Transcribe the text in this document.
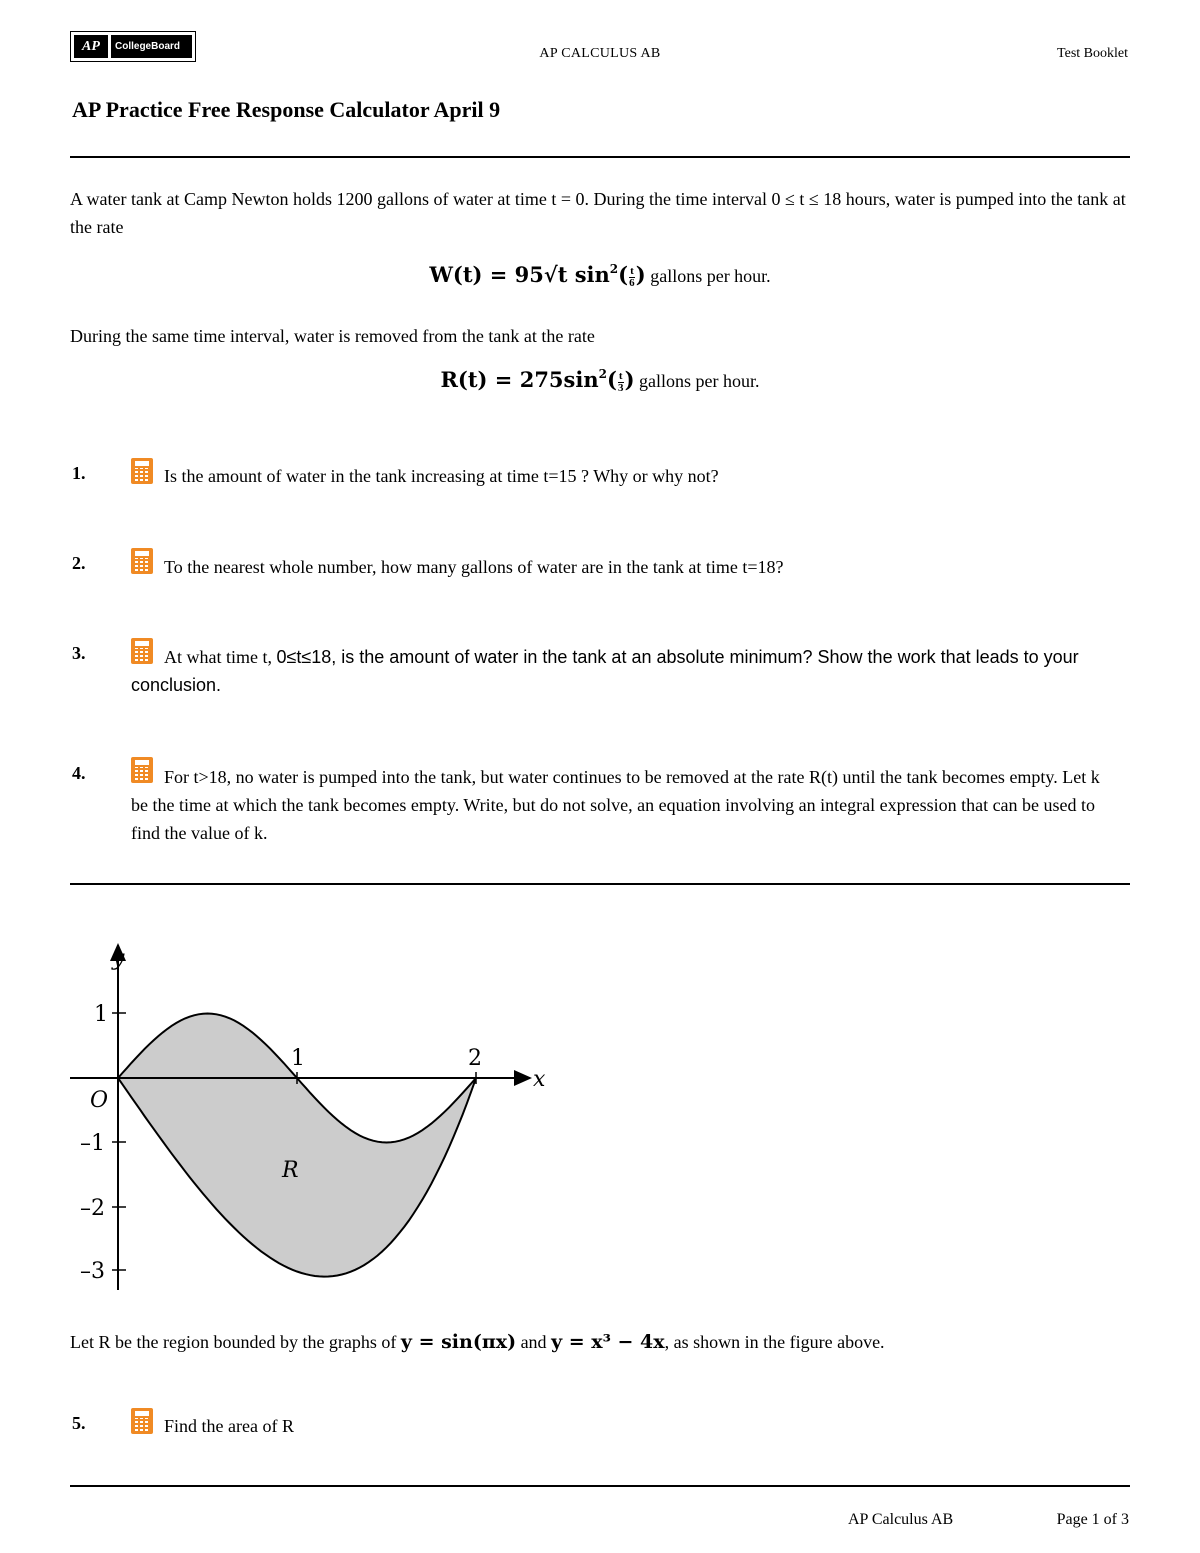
AP	CollegeBoard	AP CALCULUS AB	Test Booklet
AP Practice Free Response Calculator April 9
A water tank at Camp Newton holds 1200 gallons of water at time t = 0. During the time interval 0 ≤ t ≤ 18 hours, water is pumped into the tank at the rate
W(t) = 95√t $\sin^2( \frac{t}{6}$ ) gallons per hour.
During the same time interval, water is removed from the tank at the rate
$R(t) = 275\sin^2( \frac{t}{3}$ ) gallons per hour.
1.	Is the amount of water in the tank increasing at time t=15 ? Why or why not?
2.	To the nearest whole number, how many gallons of water are in the tank at time t=18?
3.	At what time t, 0≤t≤18, is the amount of water in the tank at an absolute minimum? Show the work that leads to your conclusion.
4.	For t>18, no water is pumped into the tank, but water continues to be removed at the rate R(t) until the tank becomes empty. Let k be the time at which the tank becomes empty. Write, but do not solve, an equation involving an integral expression that can be used to find the value of k.
y
x
O
R
1	2
1
–1
–2
–3
Let R be the region bounded by the graphs of y = sin(πx) and y = x³ − 4x, as shown in the figure above.
5.	Find the area of R
AP Calculus AB	Page 1 of 3
